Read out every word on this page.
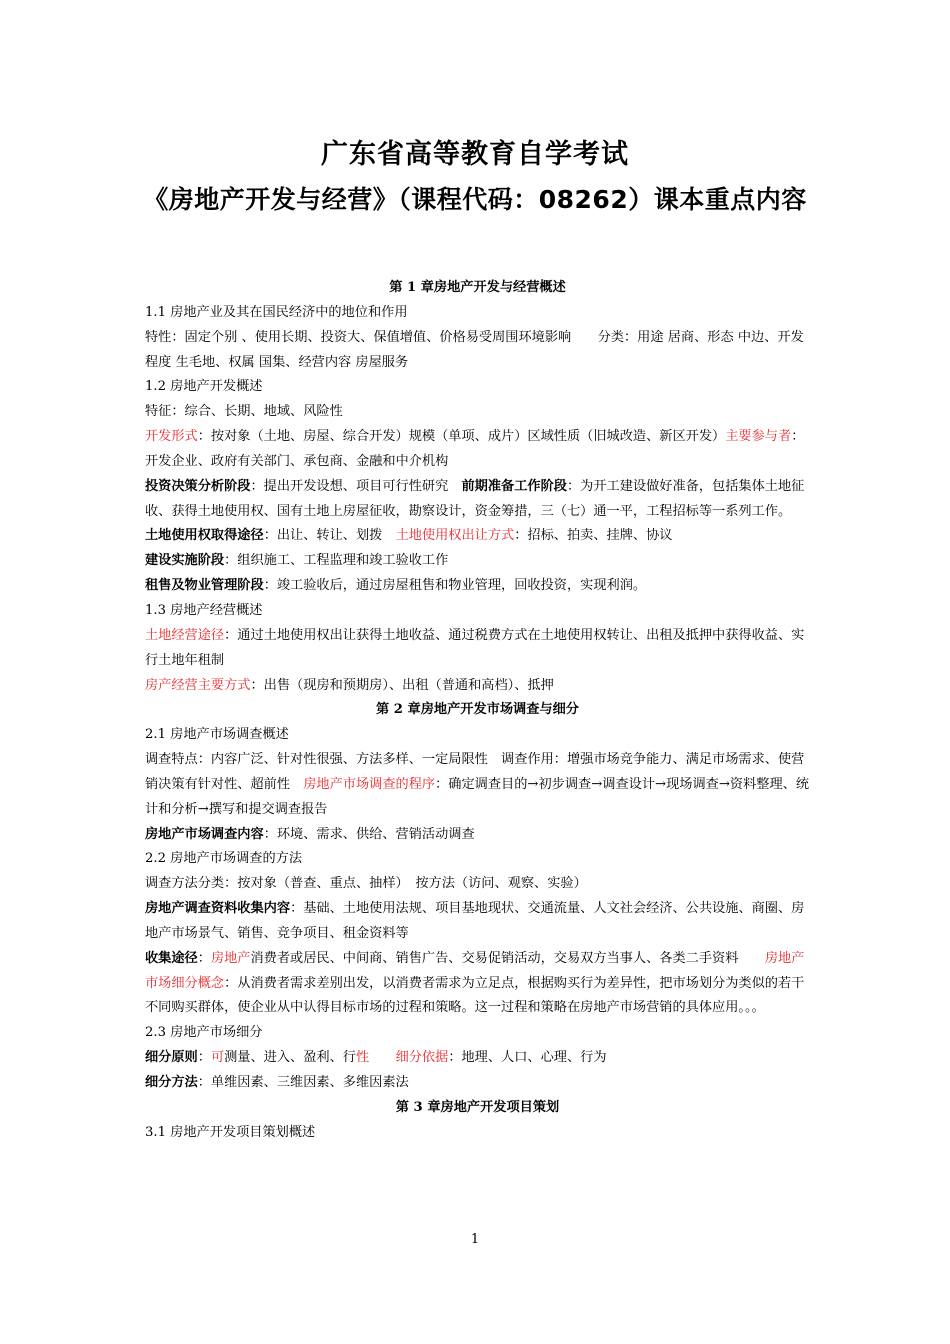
广东省高等教育自学考试
《房地产开发与经营》（课程代码：08262）课本重点内容

第 1 章房地产开发与经营概述

1.1 房地产业及其在国民经济中的地位和作用

特性：固定个别 、使用长期、投资大、保值增值、价格易受周围环境影响　　分类：用途 居商、形态 中边、开发程度 生毛地、权属 国集、经营内容 房屋服务

1.2 房地产开发概述

特征：综合、长期、地域、风险性

开发形式：按对象（土地、房屋、综合开发）规模（单项、成片）区域性质（旧城改造、新区开发）主要参与者：开发企业、政府有关部门、承包商、金融和中介机构

投资决策分析阶段：提出开发设想、项目可行性研究　前期准备工作阶段：为开工建设做好准备，包括集体土地征收、获得土地使用权、国有土地上房屋征收，勘察设计，资金筹措，三（七）通一平，工程招标等一系列工作。

土地使用权取得途径：出让、转让、划拨　土地使用权出让方式：招标、拍卖、挂牌、协议

建设实施阶段：组织施工、工程监理和竣工验收工作

租售及物业管理阶段：竣工验收后，通过房屋租售和物业管理，回收投资，实现利润。

1.3 房地产经营概述

土地经营途径：通过土地使用权出让获得土地收益、通过税费方式在土地使用权转让、出租及抵押中获得收益、实行土地年租制

房产经营主要方式：出售（现房和预期房）、出租（普通和高档）、抵押

第 2 章房地产开发市场调查与细分

2.1 房地产市场调查概述

调查特点：内容广泛、针对性很强、方法多样、一定局限性　调查作用：增强市场竞争能力、满足市场需求、使营销决策有针对性、超前性　房地产市场调查的程序：确定调查目的→初步调查→调查设计→现场调查→资料整理、统计和分析→撰写和提交调查报告

房地产市场调查内容：环境、需求、供给、营销活动调查

2.2 房地产市场调查的方法

调查方法分类：按对象（普查、重点、抽样）　按方法（访问、观察、实验）

房地产调查资料收集内容：基础、土地使用法规、项目基地现状、交通流量、人文社会经济、公共设施、商圈、房地产市场景气、销售、竞争项目、租金资料等

收集途径：房地产消费者或居民、中间商、销售广告、交易促销活动，交易双方当事人、各类二手资料　　房地产市场细分概念：从消费者需求差别出发，以消费者需求为立足点，根据购买行为差异性，把市场划分为类似的若干不同购买群体，使企业从中认得目标市场的过程和策略。这一过程和策略在房地产市场营销的具体应用。。。

2.3 房地产市场细分

细分原则：可测量、进入、盈利、行性　　 细分依据：地理、人口、心理、行为

细分方法：单维因素、三维因素、多维因素法

第 3 章房地产开发项目策划

3.1 房地产开发项目策划概述

1
